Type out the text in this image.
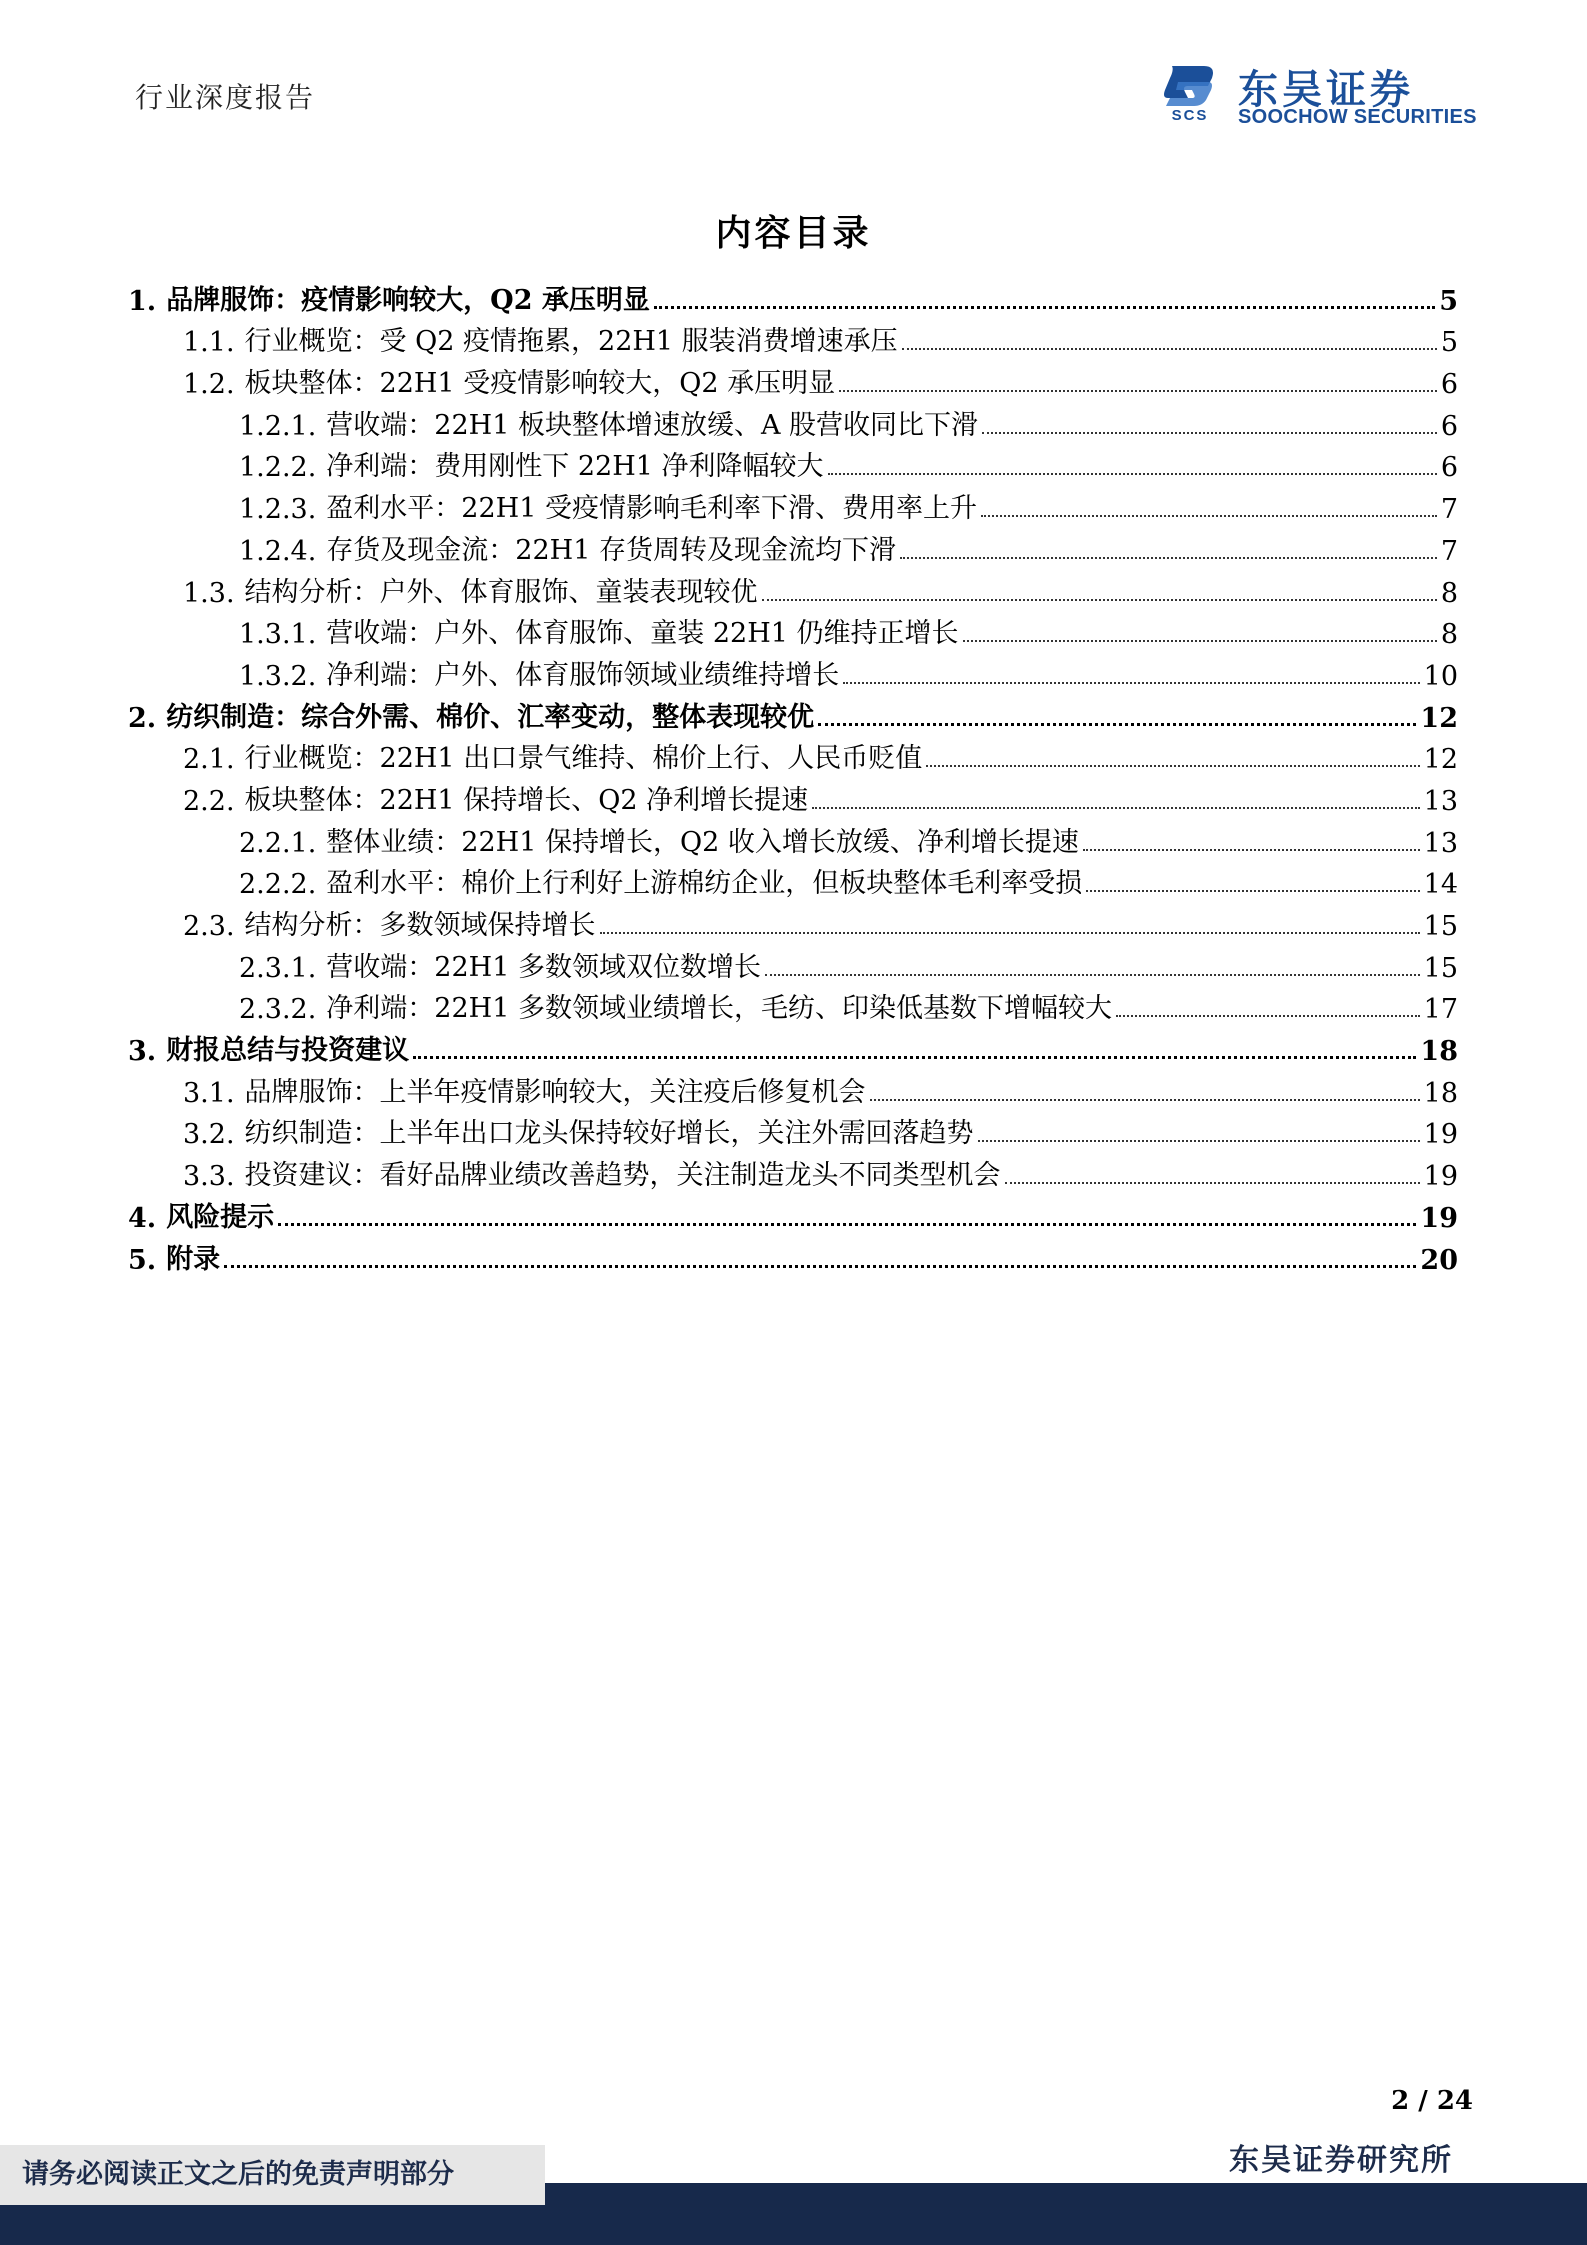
行业深度报告
SCS
东吴证券
SOOCHOW SECURITIES
内容目录
1. 品牌服饰：疫情影响较大，Q2 承压明显	5
1.1. 行业概览：受 Q2 疫情拖累，22H1 服装消费增速承压	5
1.2. 板块整体：22H1 受疫情影响较大，Q2 承压明显	6
1.2.1. 营收端：22H1 板块整体增速放缓、A 股营收同比下滑	6
1.2.2. 净利端：费用刚性下 22H1 净利降幅较大	6
1.2.3. 盈利水平：22H1 受疫情影响毛利率下滑、费用率上升	7
1.2.4. 存货及现金流：22H1 存货周转及现金流均下滑	7
1.3. 结构分析：户外、体育服饰、童装表现较优	8
1.3.1. 营收端：户外、体育服饰、童装 22H1 仍维持正增长	8
1.3.2. 净利端：户外、体育服饰领域业绩维持增长	10
2. 纺织制造：综合外需、棉价、汇率变动，整体表现较优	12
2.1. 行业概览：22H1 出口景气维持、棉价上行、人民币贬值	12
2.2. 板块整体：22H1 保持增长、Q2 净利增长提速	13
2.2.1. 整体业绩：22H1 保持增长，Q2 收入增长放缓、净利增长提速	13
2.2.2. 盈利水平：棉价上行利好上游棉纺企业，但板块整体毛利率受损	14
2.3. 结构分析：多数领域保持增长	15
2.3.1. 营收端：22H1 多数领域双位数增长	15
2.3.2. 净利端：22H1 多数领域业绩增长，毛纺、印染低基数下增幅较大	17
3. 财报总结与投资建议	18
3.1. 品牌服饰：上半年疫情影响较大，关注疫后修复机会	18
3.2. 纺织制造：上半年出口龙头保持较好增长，关注外需回落趋势	19
3.3. 投资建议：看好品牌业绩改善趋势，关注制造龙头不同类型机会	19
4. 风险提示	19
5. 附录	20
2 / 24
东吴证券研究所
请务必阅读正文之后的免责声明部分
